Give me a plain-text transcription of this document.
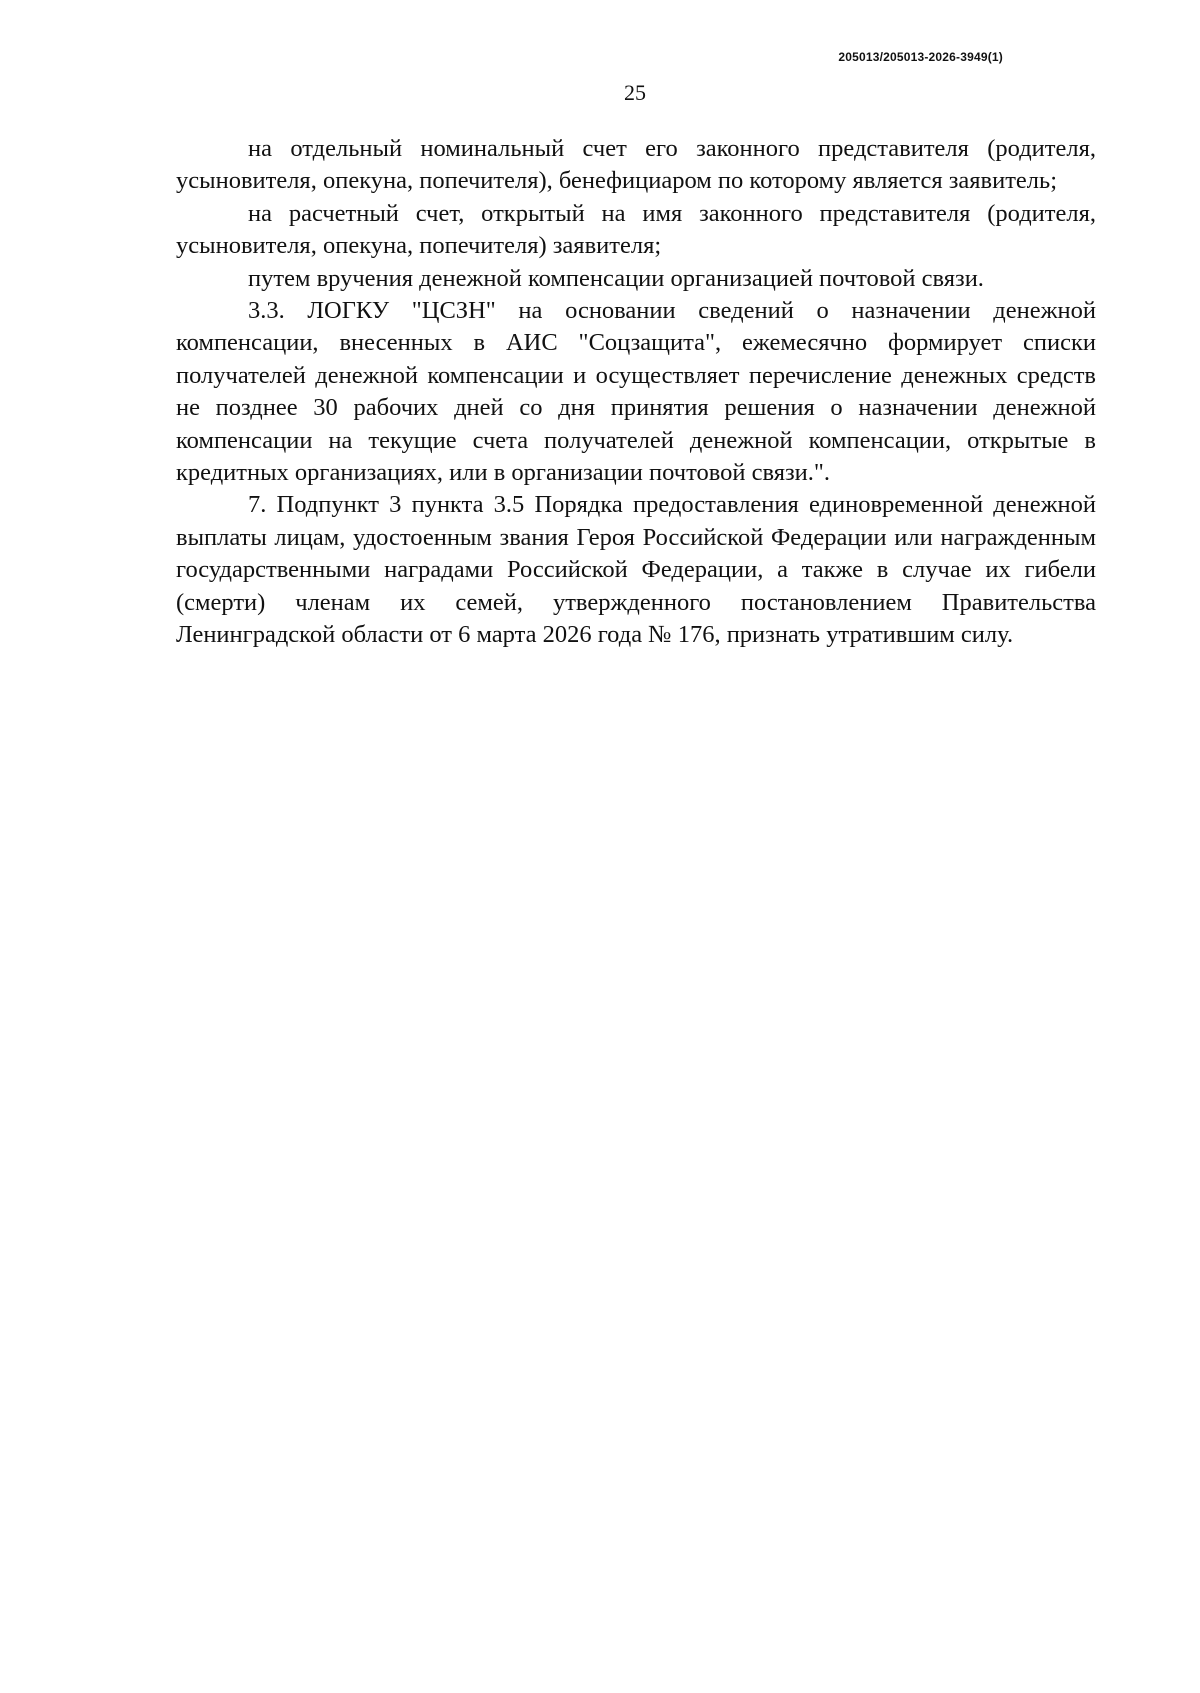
205013/205013-2026-3949(1)
25

на отдельный номинальный счет его законного представителя (родителя, усыновителя, опекуна, попечителя), бенефициаром по которому является заявитель;

на расчетный счет, открытый на имя законного представителя (родителя, усыновителя, опекуна, попечителя) заявителя;

путем вручения денежной компенсации организацией почтовой связи.

3.3. ЛОГКУ "ЦСЗН" на основании сведений о назначении денежной компенсации, внесенных в АИС "Соцзащита", ежемесячно формирует списки получателей денежной компенсации и осуществляет перечисление денежных средств не позднее 30 рабочих дней со дня принятия решения о назначении денежной компенсации на текущие счета получателей денежной компенсации, открытые в кредитных организациях, или в организации почтовой связи.".

7. Подпункт 3 пункта 3.5 Порядка предоставления единовременной денежной выплаты лицам, удостоенным звания Героя Российской Федерации или награжденным государственными наградами Российской Федерации, а также в случае их гибели (смерти) членам их семей, утвержденного постановлением Правительства Ленинградской области от 6 марта 2026 года № 176, признать утратившим силу.
